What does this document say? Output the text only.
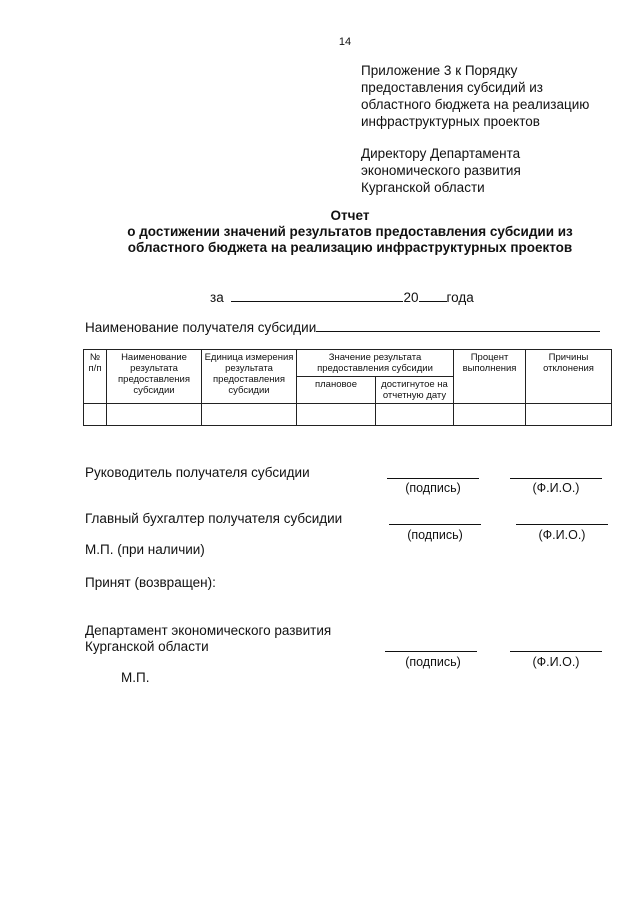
14
Приложение 3 к Порядку
предоставления субсидий из
областного бюджета на реализацию
инфраструктурных проектов
Директору Департамента
экономического развития
Курганской области
Отчет
о достижении значений результатов предоставления субсидии из
областного бюджета на реализацию инфраструктурных проектов
за	20 года
Наименование получателя субсидии
№ п/п	Наименование результата предоставления субсидии	Единица измерения результата предоставления субсидии	Значение результата предоставления субсидии		Процент выполнения	Причины отклонения
			плановое	достигнутое на отчетную дату		

Руководитель получателя субсидии
(подпись)	(Ф.И.О.)
Главный бухгалтер получателя субсидии
(подпись)	(Ф.И.О.)
М.П. (при наличии)
Принят (возвращен):
Департамент экономического развития
Курганской области
(подпись)	(Ф.И.О.)
М.П.
